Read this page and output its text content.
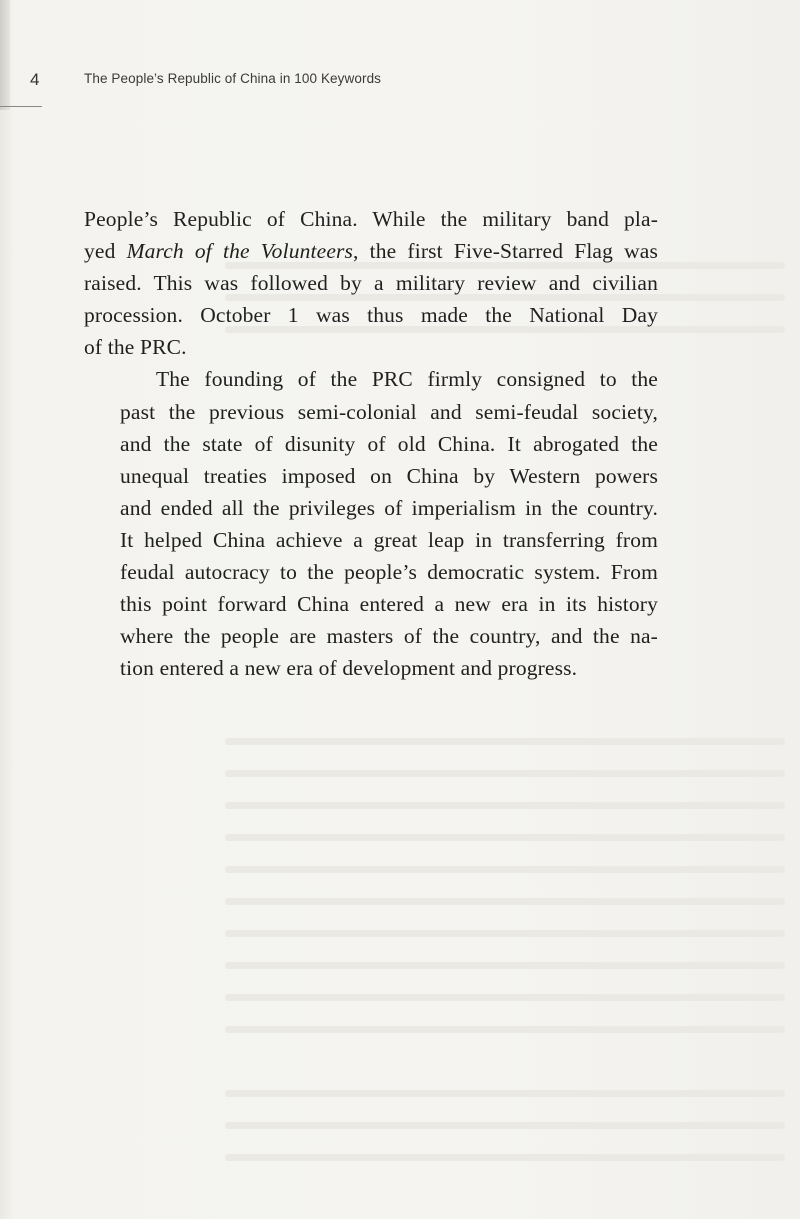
4	The People’s Republic of China in 100 Keywords

People’s Republic of China. While the military band pla-
yed March of the Volunteers, the first Five-Starred Flag was
raised. This was followed by a military review and civilian
procession. October 1 was thus made the National Day
of the PRC.

The founding of the PRC firmly consigned to the
past the previous semi-colonial and semi-feudal society,
and the state of disunity of old China. It abrogated the
unequal treaties imposed on China by Western powers
and ended all the privileges of imperialism in the country.
It helped China achieve a great leap in transferring from
feudal autocracy to the people’s democratic system. From
this point forward China entered a new era in its history
where the people are masters of the country, and the na-
tion entered a new era of development and progress.
